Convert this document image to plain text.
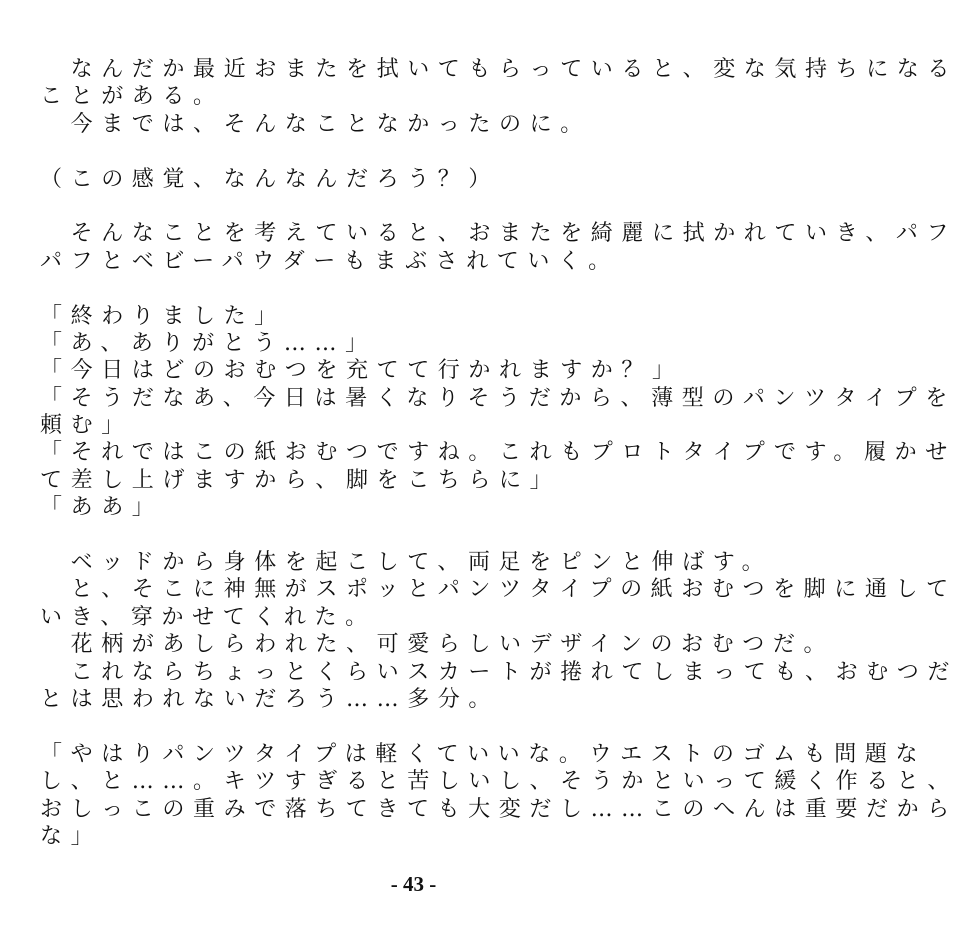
　なんだか最近おまたを拭いてもらっていると、変な気持ちになる
ことがある。
　今までは、そんなことなかったのに。
（この感覚、なんなんだろう？）
　そんなことを考えていると、おまたを綺麗に拭かれていき、パフ
パフとベビーパウダーもまぶされていく。
「終わりました」
「あ、ありがとう……」
「今日はどのおむつを充てて行かれますか？」
「そうだなあ、今日は暑くなりそうだから、薄型のパンツタイプを
頼む」
「それではこの紙おむつですね。これもプロトタイプです。履かせ
て差し上げますから、脚をこちらに」
「ああ」
　ベッドから身体を起こして、両足をピンと伸ばす。
　と、そこに神無がスポッとパンツタイプの紙おむつを脚に通して
いき、穿かせてくれた。
　花柄があしらわれた、可愛らしいデザインのおむつだ。
　これならちょっとくらいスカートが捲れてしまっても、おむつだ
とは思われないだろう……多分。
「やはりパンツタイプは軽くていいな。ウエストのゴムも問題な
し、と……。キツすぎると苦しいし、そうかといって緩く作ると、
おしっこの重みで落ちてきても大変だし……このへんは重要だから
な」
- 43 -
